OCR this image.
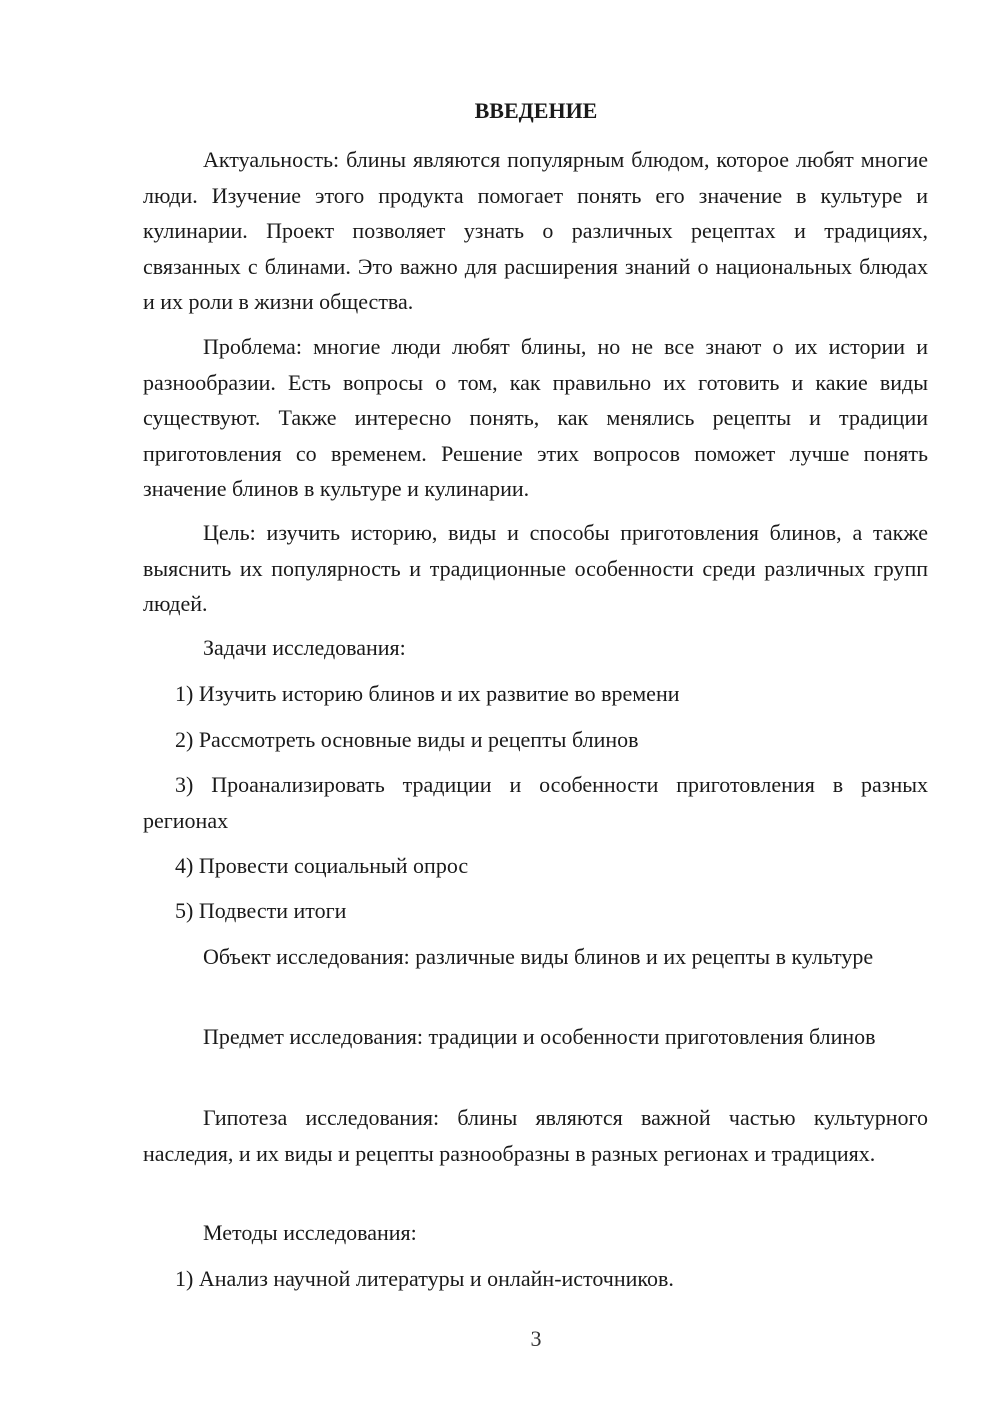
ВВЕДЕНИЕ

Актуальность: блины являются популярным блюдом, которое любят многие люди. Изучение этого продукта помогает понять его значение в культуре и кулинарии. Проект позволяет узнать о различных рецептах и традициях, связанных с блинами. Это важно для расширения знаний о национальных блюдах и их роли в жизни общества.

Проблема: многие люди любят блины, но не все знают о их истории и разнообразии. Есть вопросы о том, как правильно их готовить и какие виды существуют. Также интересно понять, как менялись рецепты и традиции приготовления со временем. Решение этих вопросов поможет лучше понять значение блинов в культуре и кулинарии.

Цель: изучить историю, виды и способы приготовления блинов, а также выяснить их популярность и традиционные особенности среди различных групп людей.

Задачи исследования:

1) Изучить историю блинов и их развитие во времени

2) Рассмотреть основные виды и рецепты блинов

3) Проанализировать традиции и особенности приготовления в разных регионах

4) Провести социальный опрос

5) Подвести итоги

Объект исследования: различные виды блинов и их рецепты в культуре

Предмет исследования: традиции и особенности приготовления блинов

Гипотеза исследования: блины являются важной частью культурного наследия, и их виды и рецепты разнообразны в разных регионах и традициях.

Методы исследования:

1) Анализ научной литературы и онлайн-источников.

3
